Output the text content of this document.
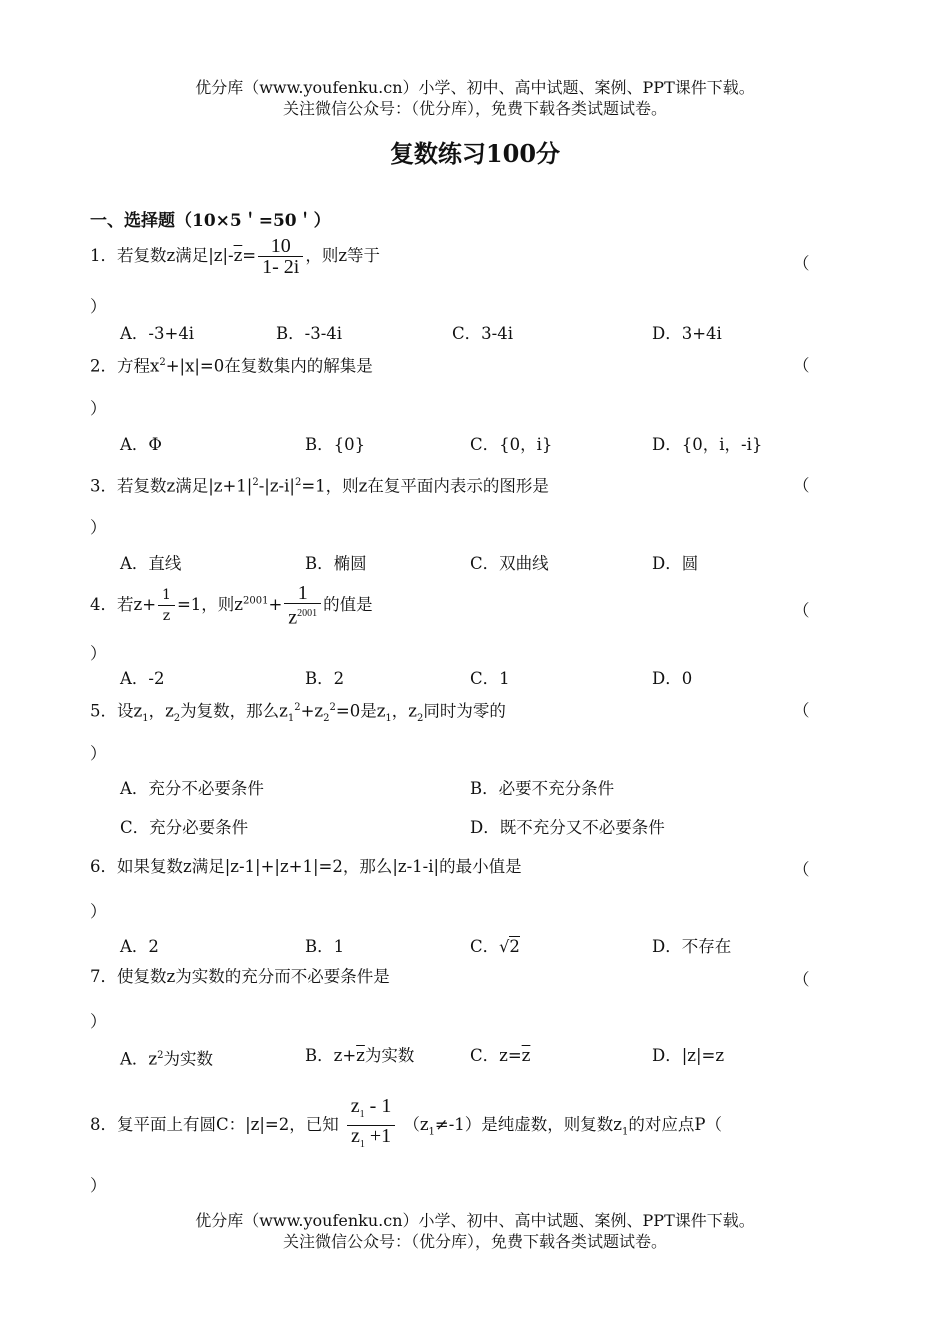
优分库（www.youfenku.cn）小学、初中、高中试题、案例、PPT课件下载。
关注微信公众号：（优分库），免费下载各类试题试卷。
复数练习100分
一、选择题（10×5＇=50＇）
1．若复数z满足$|z|-\overline{z}= \frac{10}{1- 2i}$ ，则z等于	（
）
A．-3+4i	B．-3-4i	C．3-4i	D．3+4i
2．方程$x^2+|x|=0$在复数集内的解集是	（
）
A．Φ	B．{0}	C．{0，i}	D．{0，i，-i}
3．若复数z满足$|z+1|^2-|z-i|^2=1$，则z在复平面内表示的图形是	（
）
A．直线	B．椭圆	C．双曲线	D．圆
4．若$z+ \frac{1}{z} =1$，则$z^{2001}+ \frac{1}{z^{2001}}$ 的值是	（
）
A．-2	B．2	C．1	D．0
5．设$z_1$，$z_2$为复数，那么$z_1^2+z_2^2=0$是$z_1$，$z_2$同时为零的	（
）
A．充分不必要条件	B．必要不充分条件
C．充分必要条件	D．既不充分又不必要条件
6．如果复数z满足|z-1|+|z+1|=2，那么|z-1-i|的最小值是	（
）
A．2	B．1	C．√2	D．不存在
7．使复数z为实数的充分而不必要条件是	（
）
A．$z^2$为实数	B．$z+\overline{z}$为实数	C．$z=\overline{z}$	D．|z|=z
8．复平面上有圆C：|z|=2，已知 $\frac{z_1 - 1}{z_1 +1} (z_1\ne-1)$是纯虚数，则复数$z_1$的对应点P（
）
优分库（www.youfenku.cn）小学、初中、高中试题、案例、PPT课件下载。
关注微信公众号：（优分库），免费下载各类试题试卷。
